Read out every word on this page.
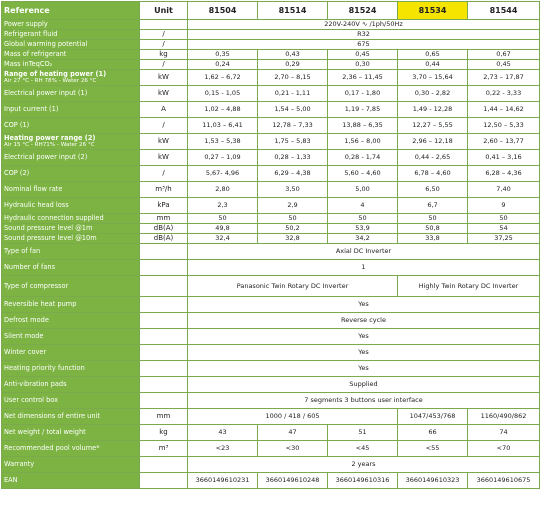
Reference	Unit	81504	81514	81524	81534	81544
Power supply		220V-240V ∿ /1ph/50Hz				
Refrigerant fluid	/	R32				
Global warming potential	/	675				
Mass of refrigerant	kg	0,35	0,43	0,45	0,65	0,67
Mass inTeqCO₂	/	0,24	0,29	0,30	0,44	0,45
Range of heating power (1)
Air 27 °C - RH 78% - Water 26 °C	kW	1,62 – 6,72	2,70 – 8,15	2,36 – 11,45	3,70 – 15,64	2,73 – 17,87
Electrical power input (1)	kW	0,15 - 1,05	0,21 - 1,11	0,17 - 1,80	0,30 - 2,82	0,22 - 3,33
Input current (1)	A	1,02 – 4,88	1,54 – 5,00	1,19 - 7,85	1,49 - 12,28	1,44 – 14,62
COP (1)	/	11,03 – 6,41	12,78 – 7,33	13,88 – 6,35	12,27 – 5,55	12,50 – 5,33
Heating power range (2)
Air 15 °C - RH71% - Water 26 °C	kW	1,53 – 5,38	1,75 – 5,83	1,56 – 8,00	2,96 – 12,18	2,60 – 13,77
Electrical power input (2)	kW	0,27 – 1,09	0,28 – 1,33	0,28 - 1,74	0,44 - 2,65	0,41 – 3,16
COP (2)	/	5,67- 4,96	6,29 – 4,38	5,60 – 4,60	6,78 – 4,60	6,28 – 4,36
Nominal flow rate	m³/h	2,80	3,50	5,00	6,50	7,40
Hydraulic head loss	kPa	2,3	2,9	4	6,7	9
Hydraulic connection supplied	mm	50	50	50	50	50
Sound pressure level @1m	dB(A)	49,8	50,2	53,9	50,8	54
Sound pressure level @10m	dB(A)	32,4	32,8	34,2	33,8	37,25
Type of fan		Axial DC Inverter				
Number of fans		1				
Type of compressor		Panasonic Twin Rotary DC Inverter			Highly Twin Rotary DC Inverter	
Reversible heat pump		Yes				
Defrost mode		Reverse cycle				
Silent mode		Yes				
Winter cover		Yes				
Heating priority function		Yes				
Anti-vibration pads		Supplied				
User control box		7 segments 3 buttons user interface				
Net dimensions of entire unit	mm	1000 / 418 / 605			1047/453/768	1160/490/862
Net weight / total weight	kg	43	47	51	66	74
Recommended pool volume*	m³	<23	<30	<45	<55	<70
Warranty		2 years				
EAN		3660149610231	3660149610248	3660149610316	3660149610323	3660149610675
